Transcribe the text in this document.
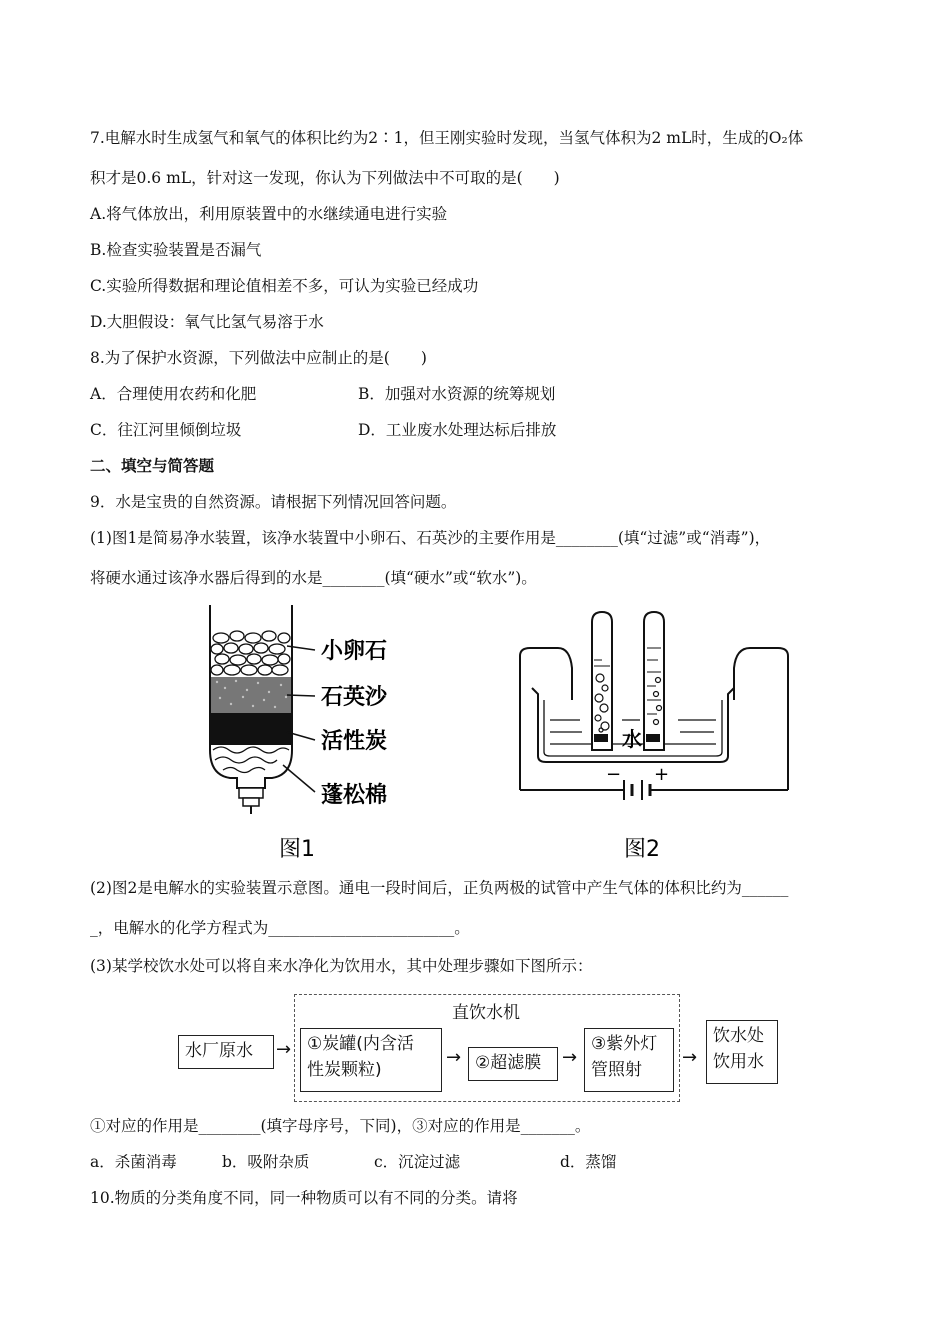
7.电解水时生成氢气和氧气的体积比约为2∶1，但王刚实验时发现，当氢气体积为2 mL时，生成的O₂体
积才是0.6 mL，针对这一发现，你认为下列做法中不可取的是(　　)
A.将气体放出，利用原装置中的水继续通电进行实验
B.检查实验装置是否漏气
C.实验所得数据和理论值相差不多，可认为实验已经成功
D.大胆假设：氧气比氢气易溶于水
8.为了保护水资源，下列做法中应制止的是(　　)
A．合理使用农药和化肥	B．加强对水资源的统筹规划
C．往江河里倾倒垃圾	D．工业废水处理达标后排放
二、填空与简答题
9．水是宝贵的自然资源。请根据下列情况回答问题。
(1)图1是简易净水装置，该净水装置中小卵石、石英沙的主要作用是________(填“过滤”或“消毒”)，
将硬水通过该净水器后得到的水是________(填“硬水”或“软水”)。
小卵石
石英沙
活性炭
蓬松棉
图1
− +
水
图2
(2)图2是电解水的实验装置示意图。通电一段时间后，正负两极的试管中产生气体的体积比约为______
_，电解水的化学方程式为________________________。
(3)某学校饮水处可以将自来水净化为饮用水，其中处理步骤如下图所示：
直饮水机
水厂原水	→ ①炭罐(内含活
性炭颗粒)
→ ②超滤膜	→
③紫外灯
管照射
→
饮水处
饮用水
①对应的作用是________(填字母序号，下同)，③对应的作用是_______。
a．杀菌消毒	b．吸附杂质	c．沉淀过滤	d．蒸馏
10.物质的分类角度不同，同一种物质可以有不同的分类。请将
